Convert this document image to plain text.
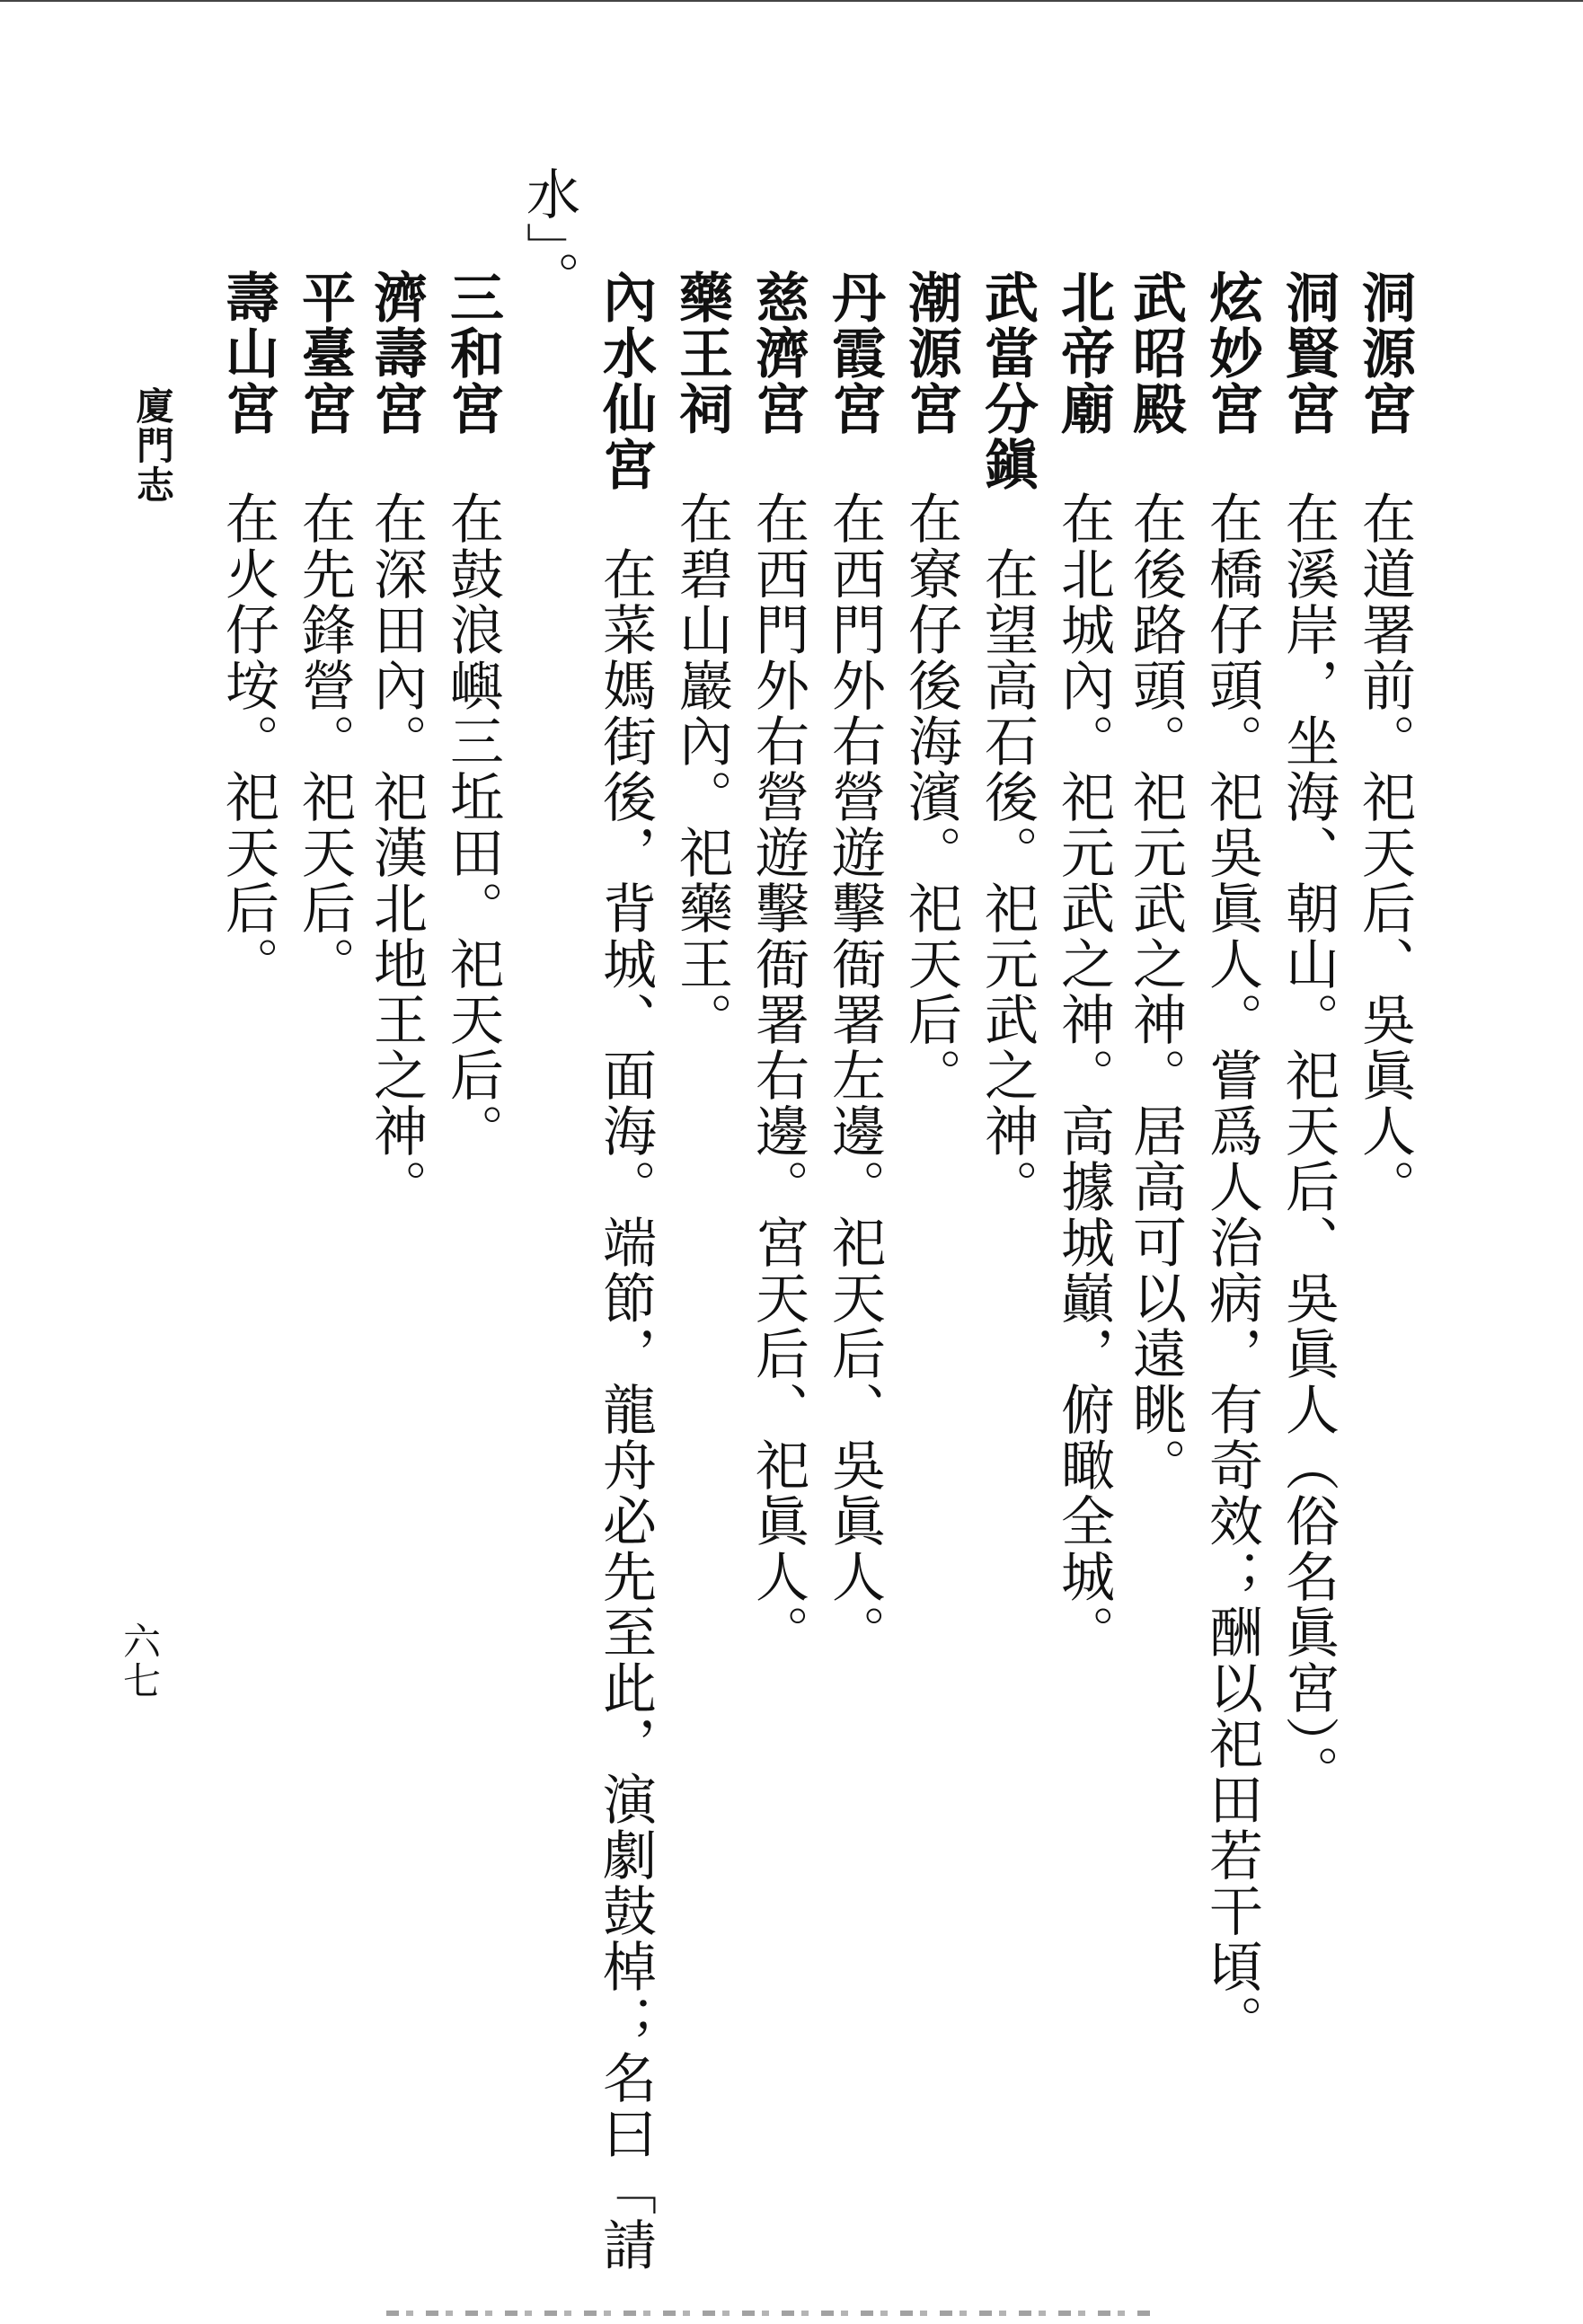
洞源宮在道署前。祀天后、吳眞人。
洞賢宮在溪岸，坐海、朝山。祀天后、吳眞人（俗名眞宮）。
炫妙宮在橋仔頭。祀吳眞人。嘗爲人治病，有奇效；酬以祀田若干頃。
武昭殿在後路頭。祀元武之神。居高可以遠眺。
北帝廟在北城內。祀元武之神。高據城巓，俯瞰全城。
武當分鎭在望高石後。祀元武之神。
潮源宮在寮仔後海濱。祀天后。
丹霞宮在西門外右營遊擊衙署左邊。祀天后、吳眞人。
慈濟宮在西門外右營遊擊衙署右邊。宮天后、祀眞人。
藥王祠在碧山巖內。祀藥王。
內水仙宮在菜媽街後，背城、面海。端節，龍舟必先至此，演劇鼓棹；名曰「請
水」。
三和宮在鼓浪嶼三坵田。祀天后。
濟壽宮在深田內。祀漢北地王之神。
平臺宮在先鋒營。祀天后。
壽山宮在火仔垵。祀天后。
廈門志
六七
